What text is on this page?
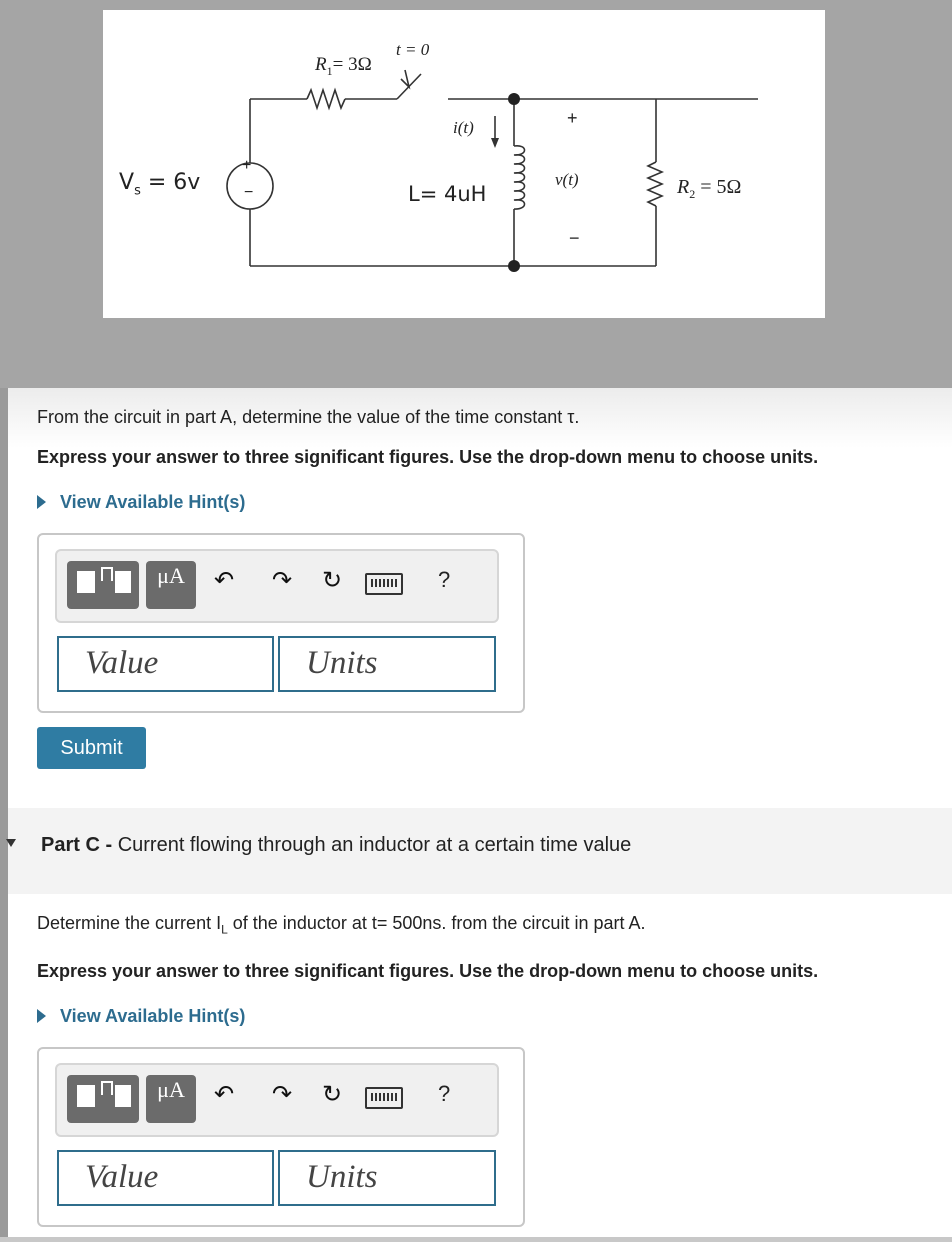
$V_s = 6v$
+
−
t = 0
$R_1= 3\Omega$
i(t)
L= 4uH
+
v(t)
−
$R_2 = 5\Omega$
From the circuit in part A, determine the value of the time constant τ.
Express your answer to three significant figures. Use the drop-down menu to choose units.
View Available Hint(s)
μA	↶ ↷ ↻	?
Value	Units
Submit
Part C - Current flowing through an inductor at a certain time value
Determine the current $I_L$ of the inductor at t= 500ns. from the circuit in part A.
Express your answer to three significant figures. Use the drop-down menu to choose units.
View Available Hint(s)
μA	↶ ↷ ↻	?
Value	Units
